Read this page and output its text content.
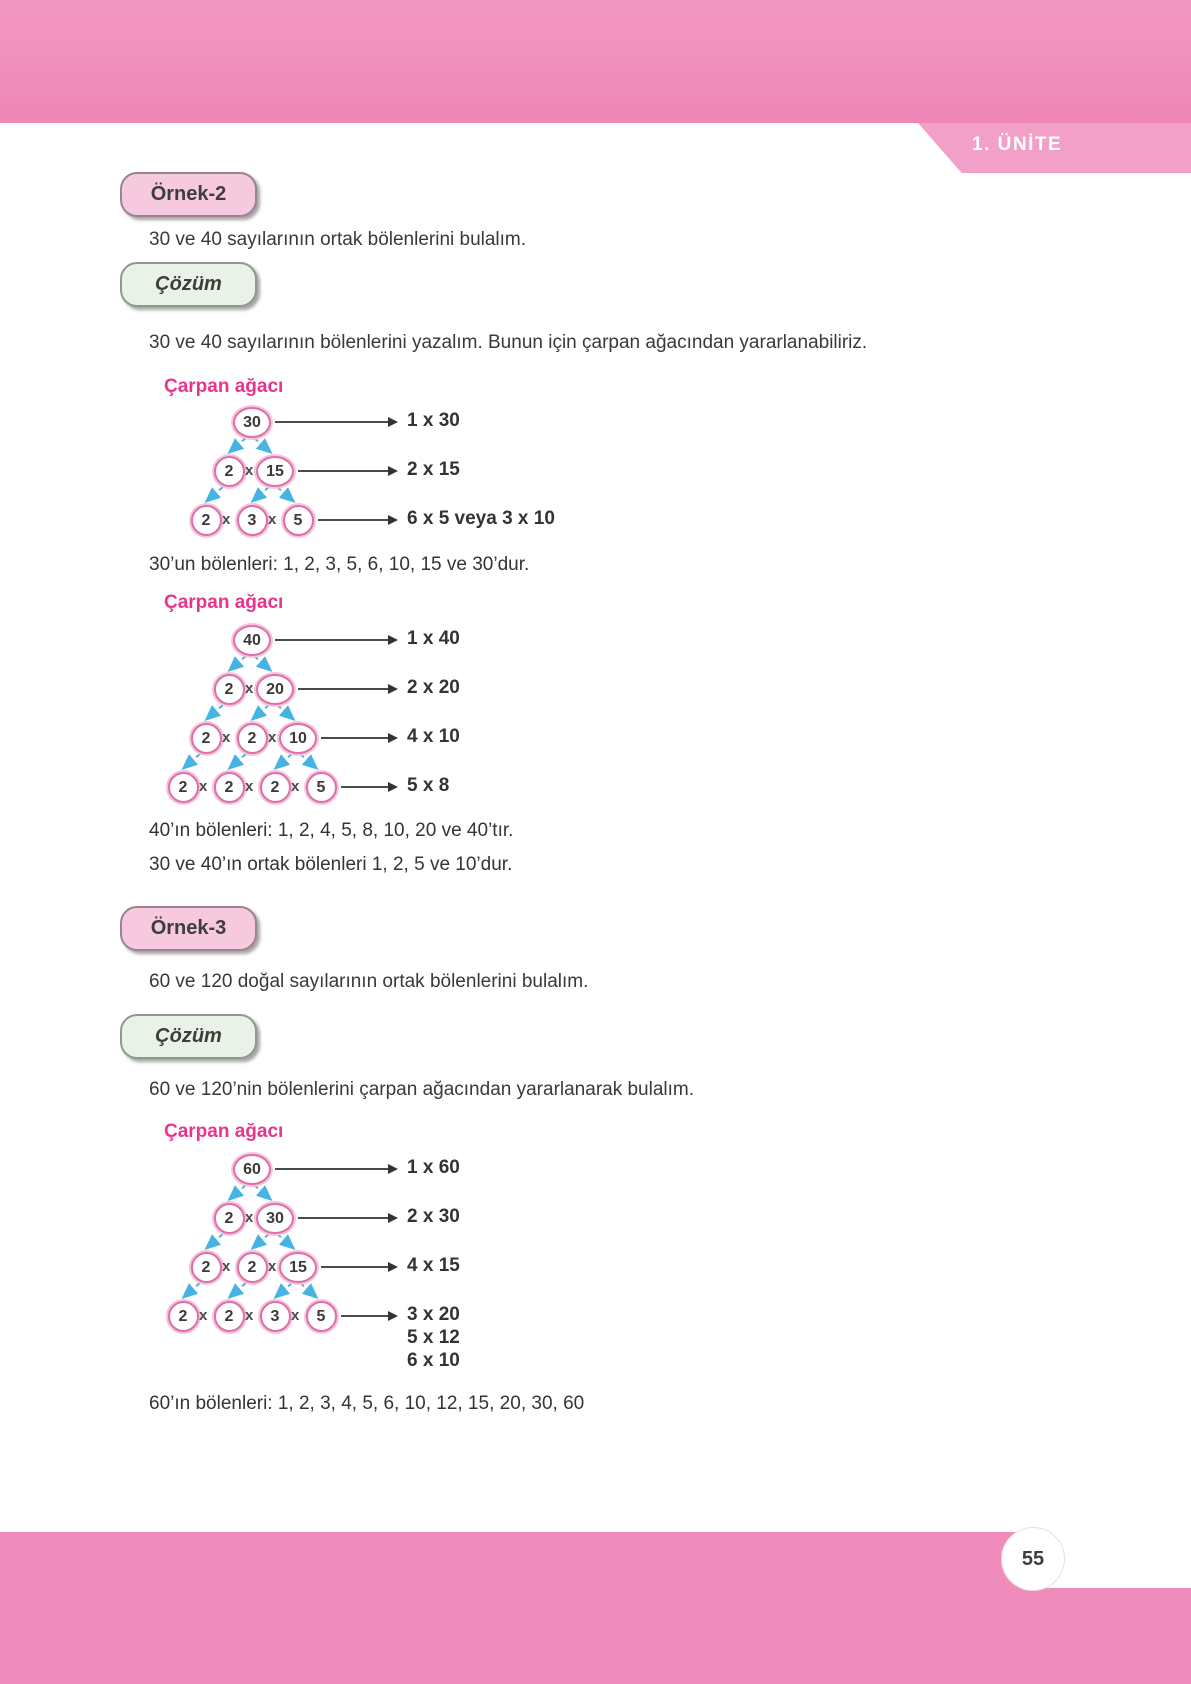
1. ÜNİTE
Örnek-2
30 ve 40 sayılarının ortak bölenlerini bulalım.
Çözüm
30 ve 40 sayılarının bölenlerini yazalım. Bunun için çarpan ağacından yararlanabiliriz.
Çarpan ağacı
30	1 x 30
2 x 15	2 x 15
2 x 3 x 5	6 x 5 veya 3 x 10
30’un bölenleri: 1, 2, 3, 5, 6, 10, 15 ve 30’dur.
Çarpan ağacı
40	1 x 40
2 x 20	2 x 20
2 x 2 x 10	4 x 10
2 x 2 x 2 x 5	5 x 8
40’ın bölenleri: 1, 2, 4, 5, 8, 10, 20 ve 40’tır.
30 ve 40’ın ortak bölenleri 1, 2, 5 ve 10’dur.
Örnek-3
60 ve 120 doğal sayılarının ortak bölenlerini bulalım.
Çözüm
60 ve 120’nin bölenlerini çarpan ağacından yararlanarak bulalım.
Çarpan ağacı
60	1 x 60
2 x 30	2 x 30
2 x 2 x 15	4 x 15
2 x 2 x 3 x 5	3 x 20
5 x 12
6 x 10
60’ın bölenleri: 1, 2, 3, 4, 5, 6, 10, 12, 15, 20, 30, 60
55
